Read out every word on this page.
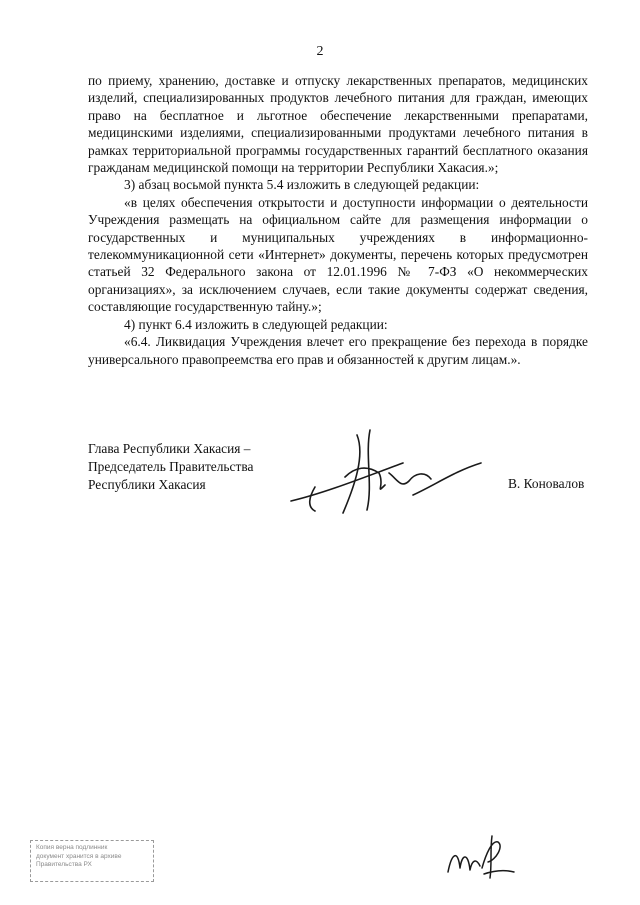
2

по приему, хранению, доставке и отпуску лекарственных препаратов, медицинских изделий, специализированных продуктов лечебного питания для граждан, имеющих право на бесплатное и льготное обеспечение лекарственными препаратами, медицинскими изделиями, специализированными продуктами лечебного питания в рамках территориальной программы государственных гарантий бесплатного оказания гражданам медицинской помощи на территории Республики Хакасия.»;

3) абзац восьмой пункта 5.4 изложить в следующей редакции:

«в целях обеспечения открытости и доступности информации о деятельности Учреждения размещать на официальном сайте для размещения информации о государственных и муниципальных учреждениях в информационно-телекоммуникационной сети «Интернет» документы, перечень которых предусмотрен статьей 32 Федерального закона от 12.01.1996 № 7-ФЗ «О некоммерческих организациях», за исключением случаев, если такие документы содержат сведения, составляющие государственную тайну.»;

4) пункт 6.4 изложить в следующей редакции:

«6.4. Ликвидация Учреждения влечет его прекращение без перехода в порядке универсального правопреемства его прав и обязанностей к другим лицам.».

Глава Республики Хакасия –
Председатель Правительства
Республики Хакасия	В. Коновалов
Копия верна подлинник
документ хранится в архиве
Правительства РХ
